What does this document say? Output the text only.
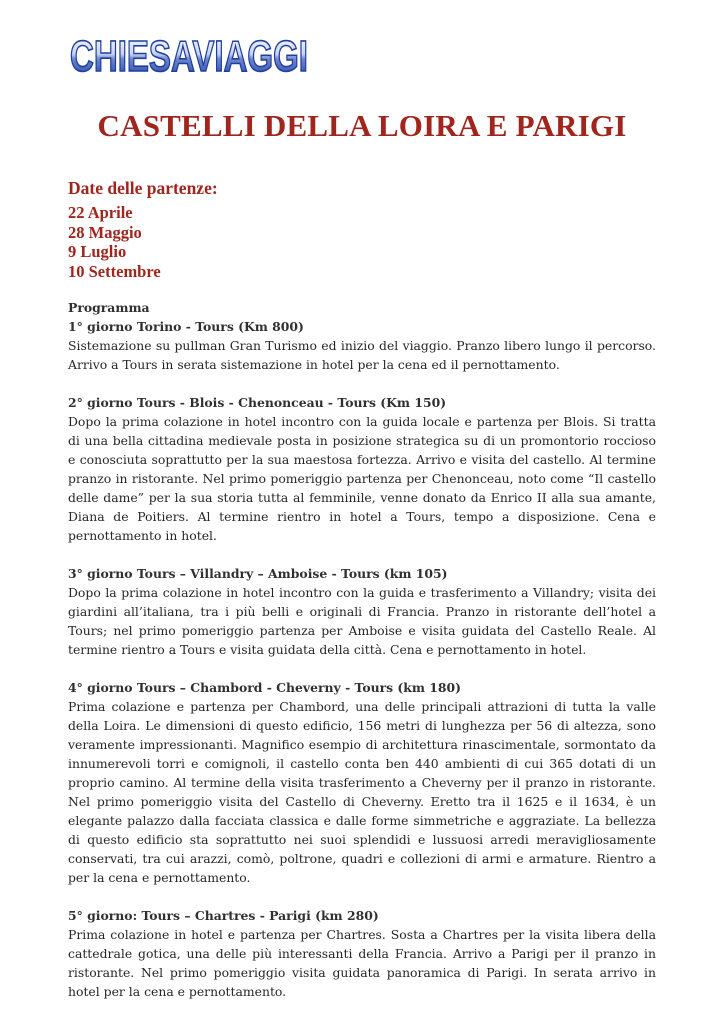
CHIESAVIAGGI
CASTELLI DELLA LOIRA E PARIGI
Date delle partenze:
22 Aprile
28 Maggio
9 Luglio
10 Settembre
Programma
1° giorno Torino - Tours (Km 800)
Sistemazione su pullman Gran Turismo ed inizio del viaggio. Pranzo libero lungo il percorso. Arrivo a Tours in serata sistemazione in hotel per la cena ed il pernottamento.
2° giorno Tours - Blois - Chenonceau - Tours (Km 150)
Dopo la prima colazione in hotel incontro con la guida locale e partenza per Blois. Si tratta di una bella cittadina medievale posta in posizione strategica su di un promontorio roccioso e conosciuta soprattutto per la sua maestosa fortezza. Arrivo e visita del castello. Al termine pranzo in ristorante. Nel primo pomeriggio partenza per Chenonceau, noto come “Il castello delle dame” per la sua storia tutta al femminile, venne donato da Enrico II alla sua amante, Diana de Poitiers. Al termine rientro in hotel a Tours, tempo a disposizione. Cena e pernottamento in hotel.
3° giorno Tours – Villandry – Amboise - Tours (km 105)
Dopo la prima colazione in hotel incontro con la guida e trasferimento a Villandry; visita dei giardini all’italiana, tra i più belli e originali di Francia. Pranzo in ristorante dell’hotel a Tours; nel primo pomeriggio partenza per Amboise e visita guidata del Castello Reale. Al termine rientro a Tours e visita guidata della città. Cena e pernottamento in hotel.
4° giorno Tours – Chambord - Cheverny - Tours (km 180)
Prima colazione e partenza per Chambord, una delle principali attrazioni di tutta la valle della Loira. Le dimensioni di questo edificio, 156 metri di lunghezza per 56 di altezza, sono veramente impressionanti. Magnifico esempio di architettura rinascimentale, sormontato da innumerevoli torri e comignoli, il castello conta ben 440 ambienti di cui 365 dotati di un proprio camino. Al termine della visita trasferimento a Cheverny per il pranzo in ristorante. Nel primo pomeriggio visita del Castello di Cheverny. Eretto tra il 1625 e il 1634, è un elegante palazzo dalla facciata classica e dalle forme simmetriche e aggraziate. La bellezza di questo edificio sta soprattutto nei suoi splendidi e lussuosi arredi meravigliosamente conservati, tra cui arazzi, comò, poltrone, quadri e collezioni di armi e armature. Rientro a per la cena e pernottamento.
5° giorno: Tours – Chartres - Parigi (km 280)
Prima colazione in hotel e partenza per Chartres. Sosta a Chartres per la visita libera della cattedrale gotica, una delle più interessanti della Francia. Arrivo a Parigi per il pranzo in ristorante. Nel primo pomeriggio visita guidata panoramica di Parigi. In serata arrivo in hotel per la cena e pernottamento.
